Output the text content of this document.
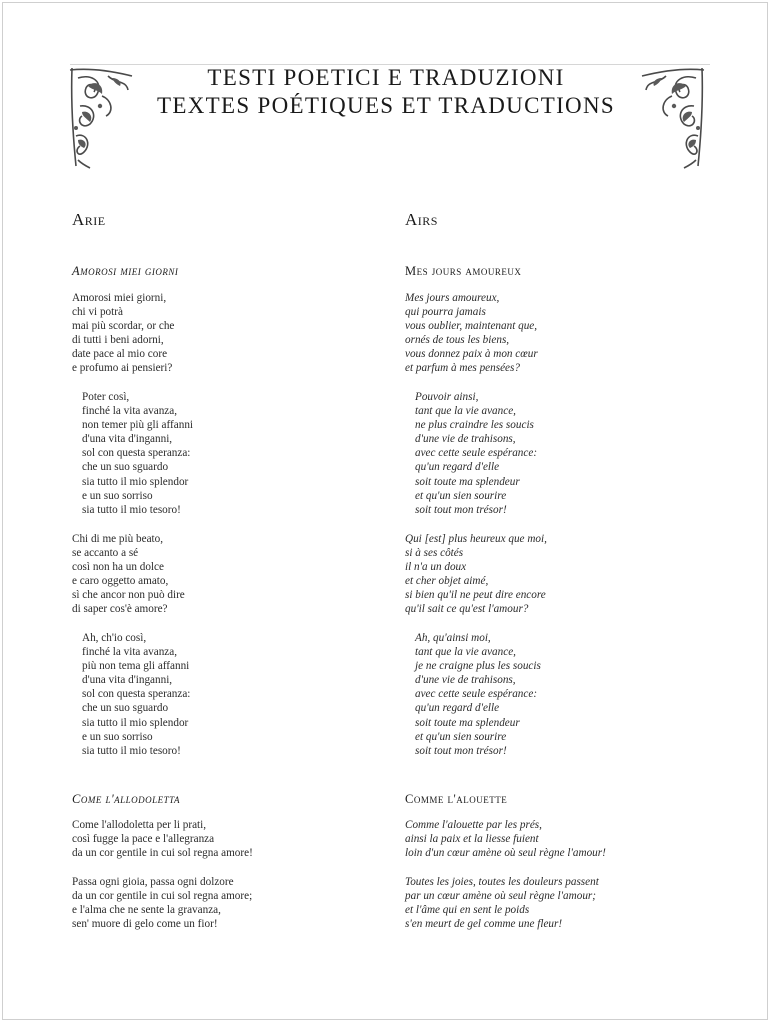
TESTI POETICI E TRADUZIONI
TEXTES POÉTIQUES ET TRADUCTIONS
Arie
Amorosi miei giorni
Amorosi miei giorni,
chi vi potrà
mai più scordar, or che
di tutti i beni adorni,
date pace al mio core
e profumo ai pensieri?
Poter così,
finché la vita avanza,
non temer più gli affanni
d'una vita d'inganni,
sol con questa speranza:
che un suo sguardo
sia tutto il mio splendor
e un suo sorriso
sia tutto il mio tesoro!
Chi di me più beato,
se accanto a sé
così non ha un dolce
e caro oggetto amato,
sì che ancor non può dire
di saper cos'è amore?
Ah, ch'io così,
finché la vita avanza,
più non tema gli affanni
d'una vita d'inganni,
sol con questa speranza:
che un suo sguardo
sia tutto il mio splendor
e un suo sorriso
sia tutto il mio tesoro!
Come l'allodoletta
Come l'allodoletta per li prati,
così fugge la pace e l'allegranza
da un cor gentile in cui sol regna amore!
Passa ogni gioia, passa ogni dolzore
da un cor gentile in cui sol regna amore;
e l'alma che ne sente la gravanza,
sen' muore di gelo come un fior!
Airs
Mes jours amoureux
Mes jours amoureux,
qui pourra jamais
vous oublier, maintenant que,
ornés de tous les biens,
vous donnez paix à mon cœur
et parfum à mes pensées?
Pouvoir ainsi,
tant que la vie avance,
ne plus craindre les soucis
d'une vie de trahisons,
avec cette seule espérance:
qu'un regard d'elle
soit toute ma splendeur
et qu'un sien sourire
soit tout mon trésor!
Qui [est] plus heureux que moi,
si à ses côtés
il n'a un doux
et cher objet aimé,
si bien qu'il ne peut dire encore
qu'il sait ce qu'est l'amour?
Ah, qu'ainsi moi,
tant que la vie avance,
je ne craigne plus les soucis
d'une vie de trahisons,
avec cette seule espérance:
qu'un regard d'elle
soit toute ma splendeur
et qu'un sien sourire
soit tout mon trésor!
Comme l'alouette
Comme l'alouette par les prés,
ainsi la paix et la liesse fuient
loin d'un cœur amène où seul règne l'amour!
Toutes les joies, toutes les douleurs passent
par un cœur amène où seul règne l'amour;
et l'âme qui en sent le poids
s'en meurt de gel comme une fleur!
